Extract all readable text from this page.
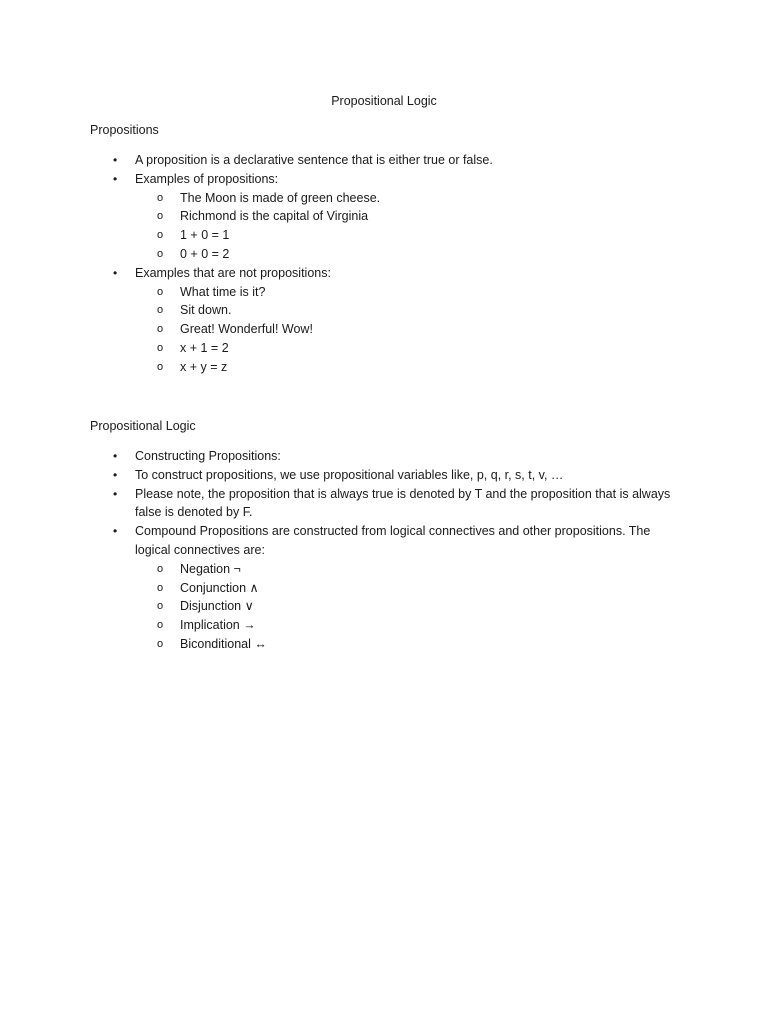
Propositional Logic

Propositions

• A proposition is a declarative sentence that is either true or false.
• Examples of propositions:
o The Moon is made of green cheese.
o Richmond is the capital of Virginia
o 1 + 0 = 1
o 0 + 0 = 2
• Examples that are not propositions:
o What time is it?
o Sit down.
o Great! Wonderful! Wow!
o x + 1 = 2
o x + y = z

Propositional Logic

• Constructing Propositions:
• To construct propositions, we use propositional variables like, p, q, r, s, t, v, …
• Please note, the proposition that is always true is denoted by T and the proposition that is always false is denoted by F.
• Compound Propositions are constructed from logical connectives and other propositions. The logical connectives are:
o Negation ¬
o Conjunction ∧
o Disjunction ∨
o Implication →
o Biconditional ↔
